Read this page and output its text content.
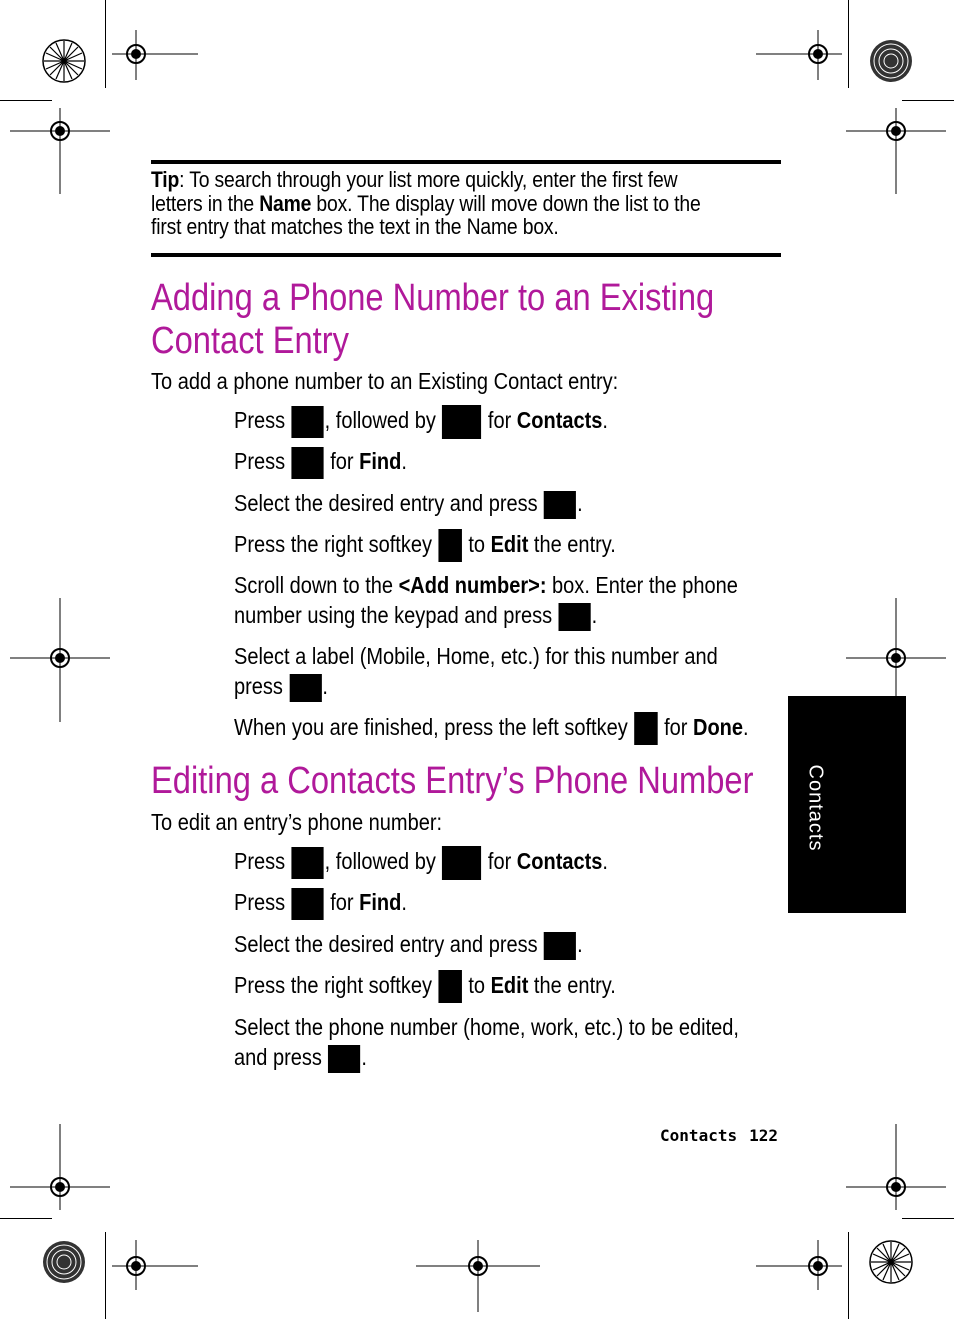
Tip: To search through your list more quickly, enter the first few
letters in the Name box. The display will move down the list to the
first entry that matches the text in the Name box.
Adding a Phone Number to an Existing
Contact Entry
To add a phone number to an Existing Contact entry:
Press , followed by  for Contacts.
Press  for Find.
Select the desired entry and press .
Press the right softkey  to Edit the entry.
Scroll down to the <Add number>: box. Enter the phone
number using the keypad and press .
Select a label (Mobile, Home, etc.) for this number and
press .
When you are finished, press the left softkey  for Done.
Editing a Contacts Entry’s Phone Number
To edit an entry’s phone number:
Press , followed by  for Contacts.
Press  for Find.
Select the desired entry and press .
Press the right softkey  to Edit the entry.
Select the phone number (home, work, etc.) to be edited,
and press .
Contacts
Contacts 122
